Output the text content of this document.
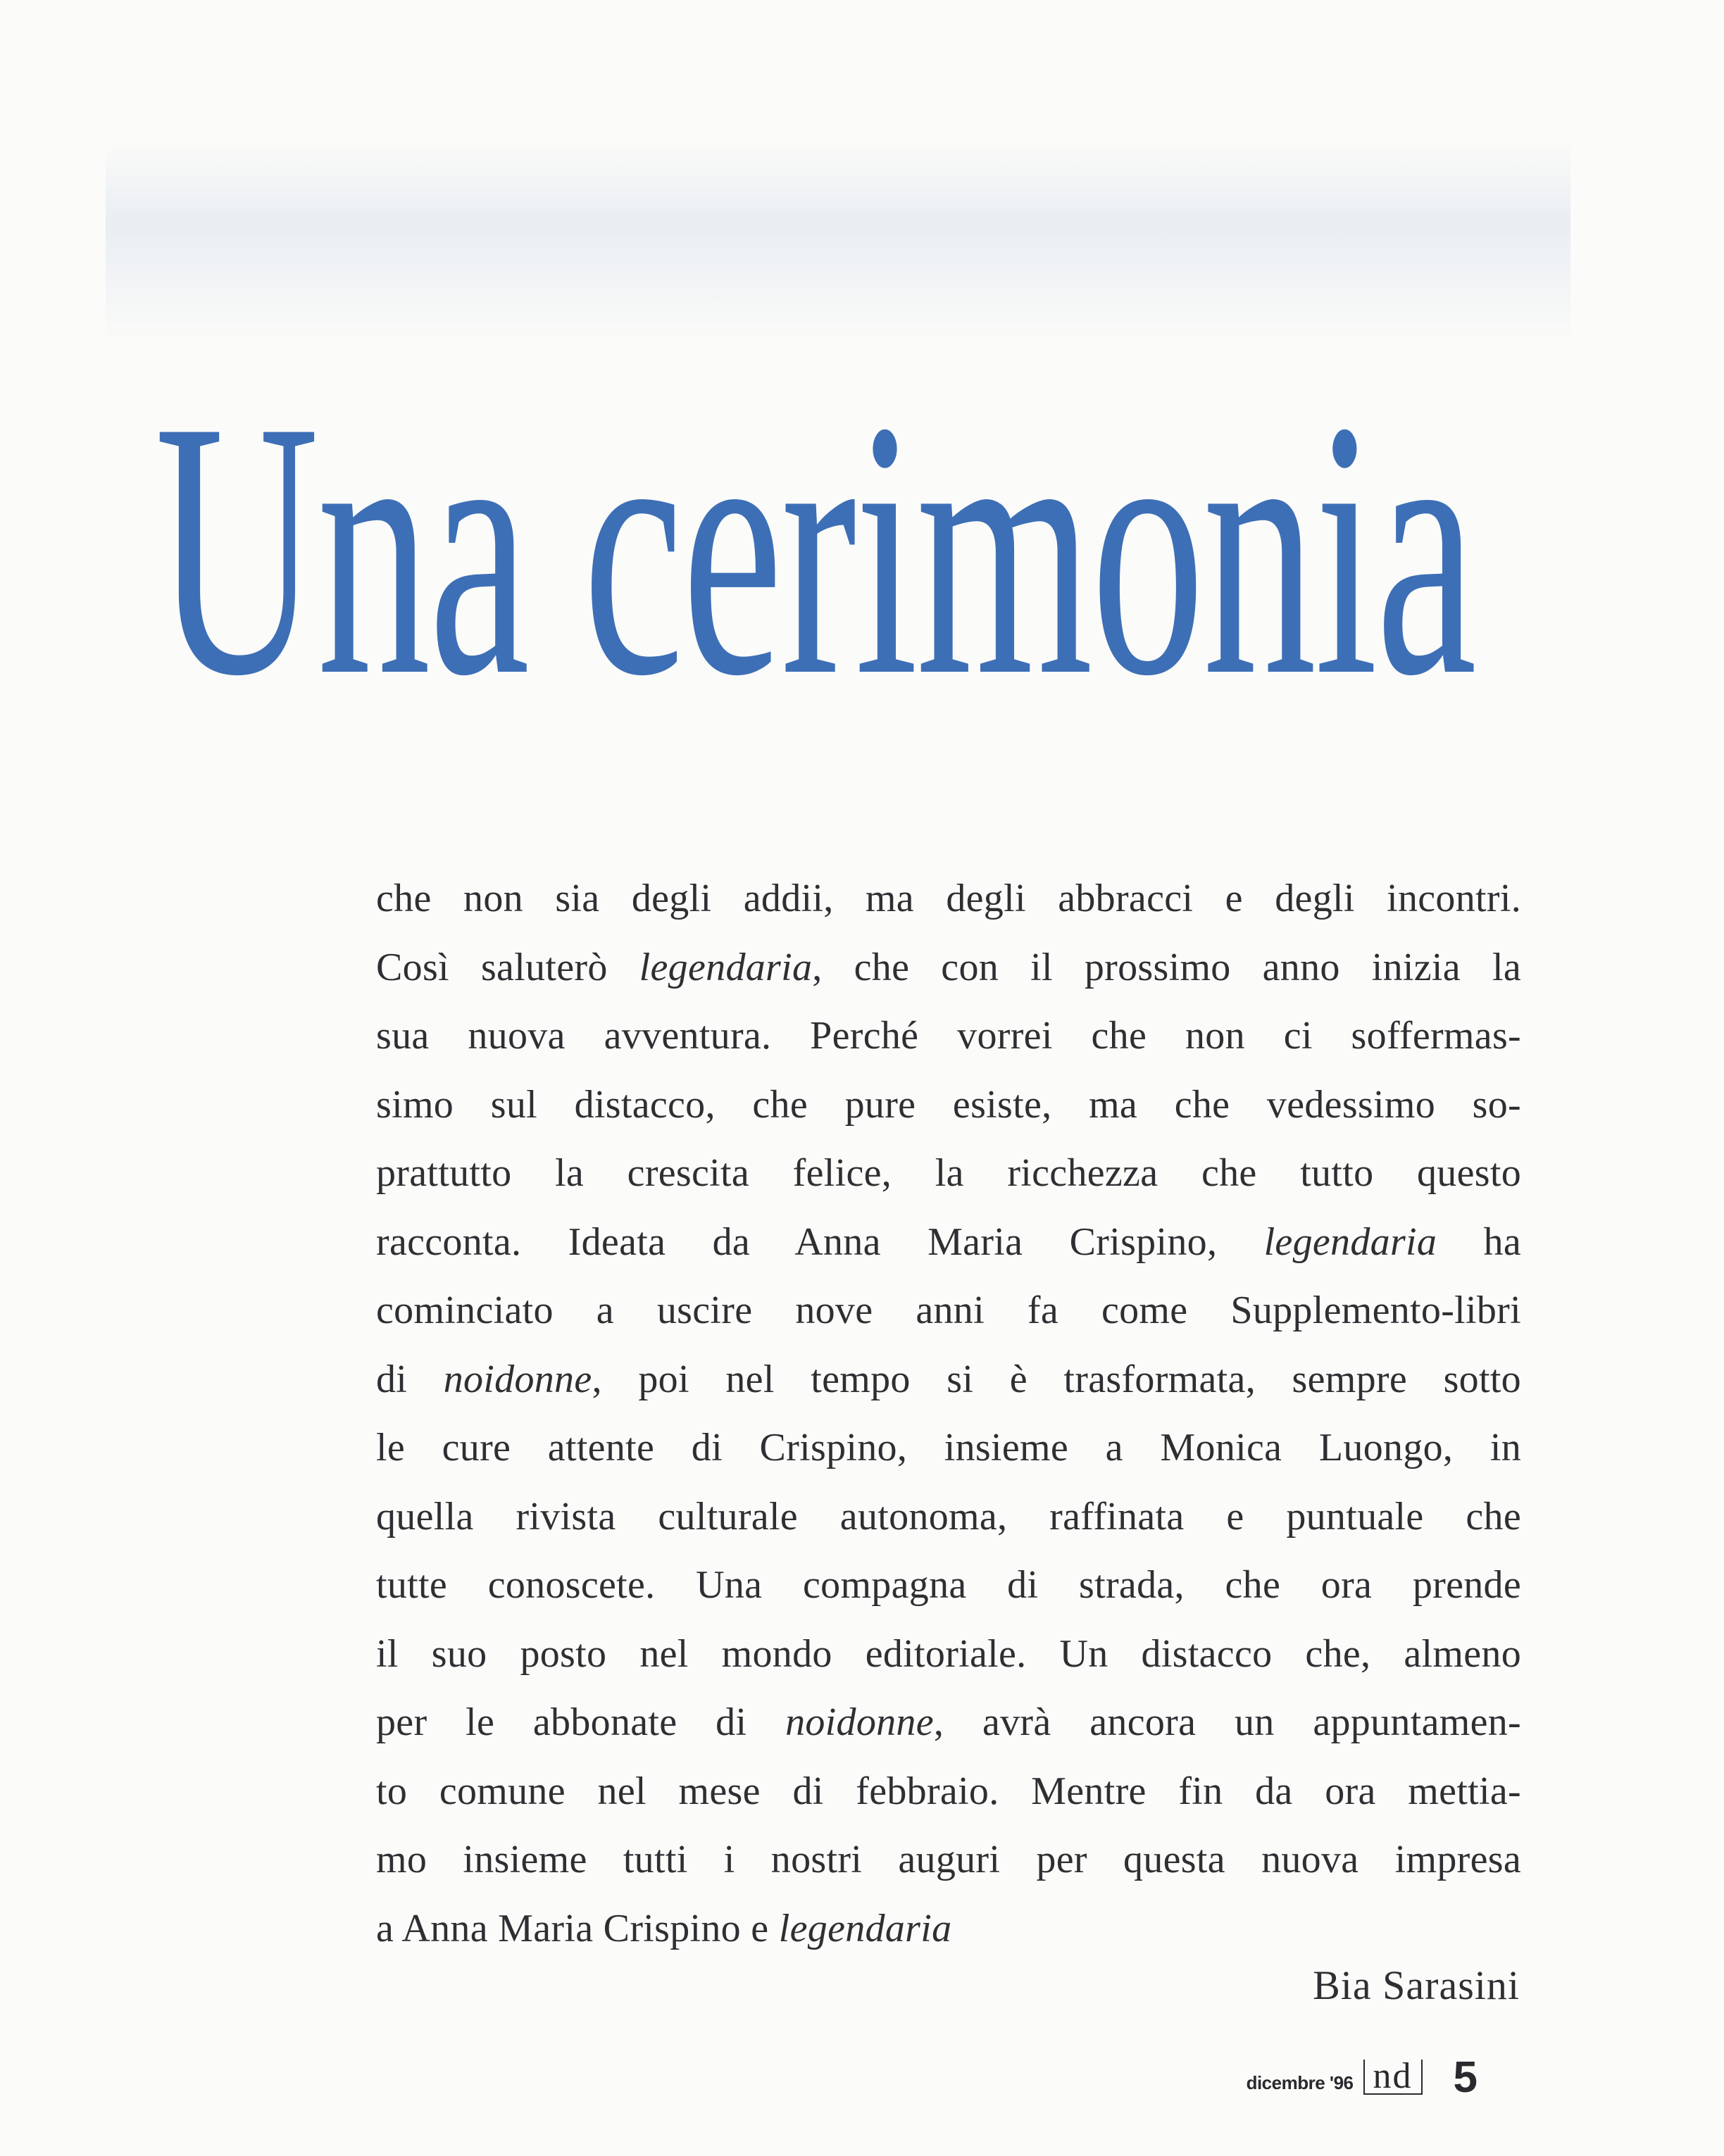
Una cerimonia
che non sia degli addii, ma degli abbracci e degli incontri.
Così saluterò legendaria, che con il prossimo anno inizia la
sua nuova avventura. Perché vorrei che non ci soffermas-
simo sul distacco, che pure esiste, ma che vedessimo so-
prattutto la crescita felice, la ricchezza che tutto questo
racconta. Ideata da Anna Maria Crispino, legendaria ha
cominciato a uscire nove anni fa come Supplemento-libri
di noidonne, poi nel tempo si è trasformata, sempre sotto
le cure attente di Crispino, insieme a Monica Luongo, in
quella rivista culturale autonoma, raffinata e puntuale che
tutte conoscete. Una compagna di strada, che ora prende
il suo posto nel mondo editoriale. Un distacco che, almeno
per le abbonate di noidonne, avrà ancora un appuntamen-
to comune nel mese di febbraio. Mentre fin da ora mettia-
mo insieme tutti i nostri auguri per questa nuova impresa
a Anna Maria Crispino e legendaria
Bia Sarasini
dicembre '96 nd 5
